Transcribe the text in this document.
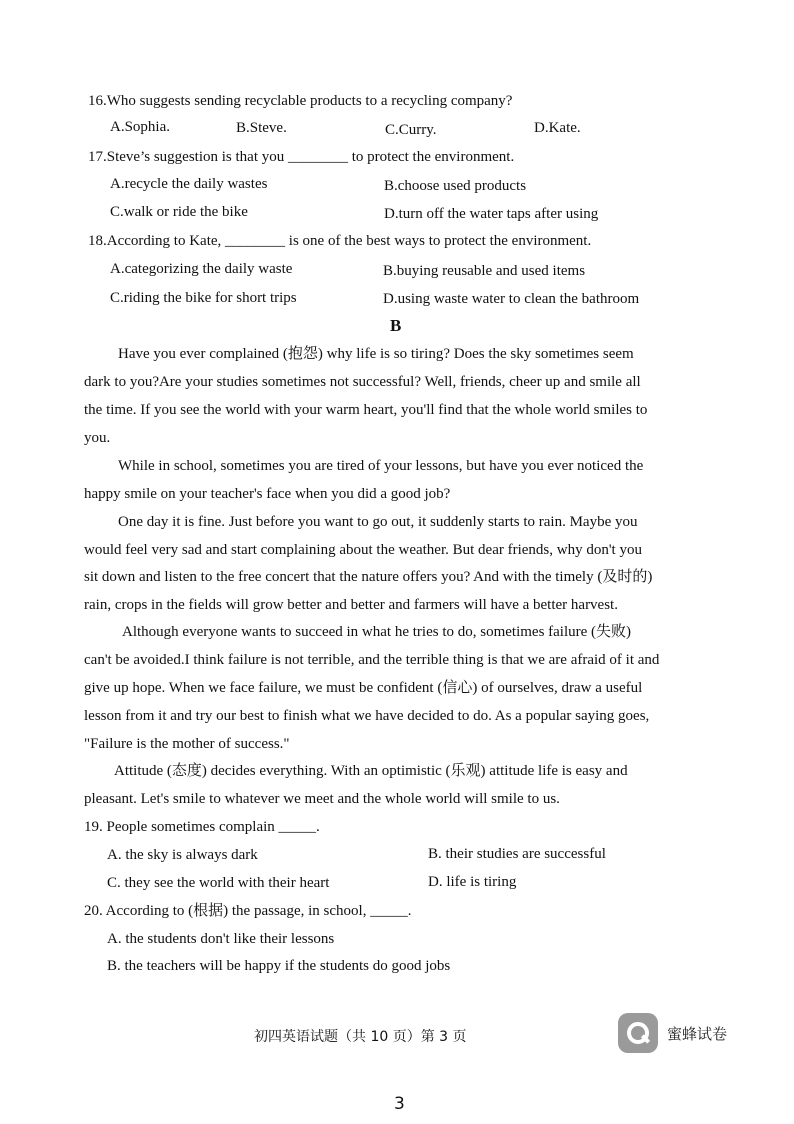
16.Who suggests sending recyclable products to a recycling company?
A.Sophia.	B.Steve.	C.Curry.	D.Kate.
17.Steve’s suggestion is that you ________ to protect the environment.
A.recycle the daily wastes	B.choose used products
C.walk or ride the bike	D.turn off the water taps after using
18.According to Kate, ________ is one of the best ways to protect the environment.
A.categorizing the daily waste	B.buying reusable and used items
C.riding the bike for short trips	D.using waste water to clean the bathroom
B
Have you ever complained (抱怨) why life is so tiring? Does the sky sometimes seem
dark to you?Are your studies sometimes not successful? Well, friends, cheer up and smile all
the time. If you see the world with your warm heart, you'll find that the whole world smiles to
you.
While in school, sometimes you are tired of your lessons, but have you ever noticed the
happy smile on your teacher's face when you did a good job?
One day it is fine. Just before you want to go out, it suddenly starts to rain. Maybe you
would feel very sad and start complaining about the weather. But dear friends, why don't you
sit down and listen to the free concert that the nature offers you? And with the timely (及时的)
rain, crops in the fields will grow better and better and farmers will have a better harvest.
Although everyone wants to succeed in what he tries to do, sometimes failure (失败)
can't be avoided.I think failure is not terrible, and the terrible thing is that we are afraid of it and
give up hope. When we face failure, we must be confident (信心) of ourselves, draw a useful
lesson from it and try our best to finish what we have decided to do. As a popular saying goes,
"Failure is the mother of success."
Attitude (态度) decides everything. With an optimistic (乐观) attitude life is easy and
pleasant. Let's smile to whatever we meet and the whole world will smile to us.
19. People sometimes complain _____.
A. the sky is always dark	B. their studies are successful
C. they see the world with their heart	D. life is tiring
20. According to (根据) the passage, in school, _____.
A. the students don't like their lessons
B. the teachers will be happy if the students do good jobs
初四英语试题（共 10 页）第 3 页	蜜蜂试卷
3
